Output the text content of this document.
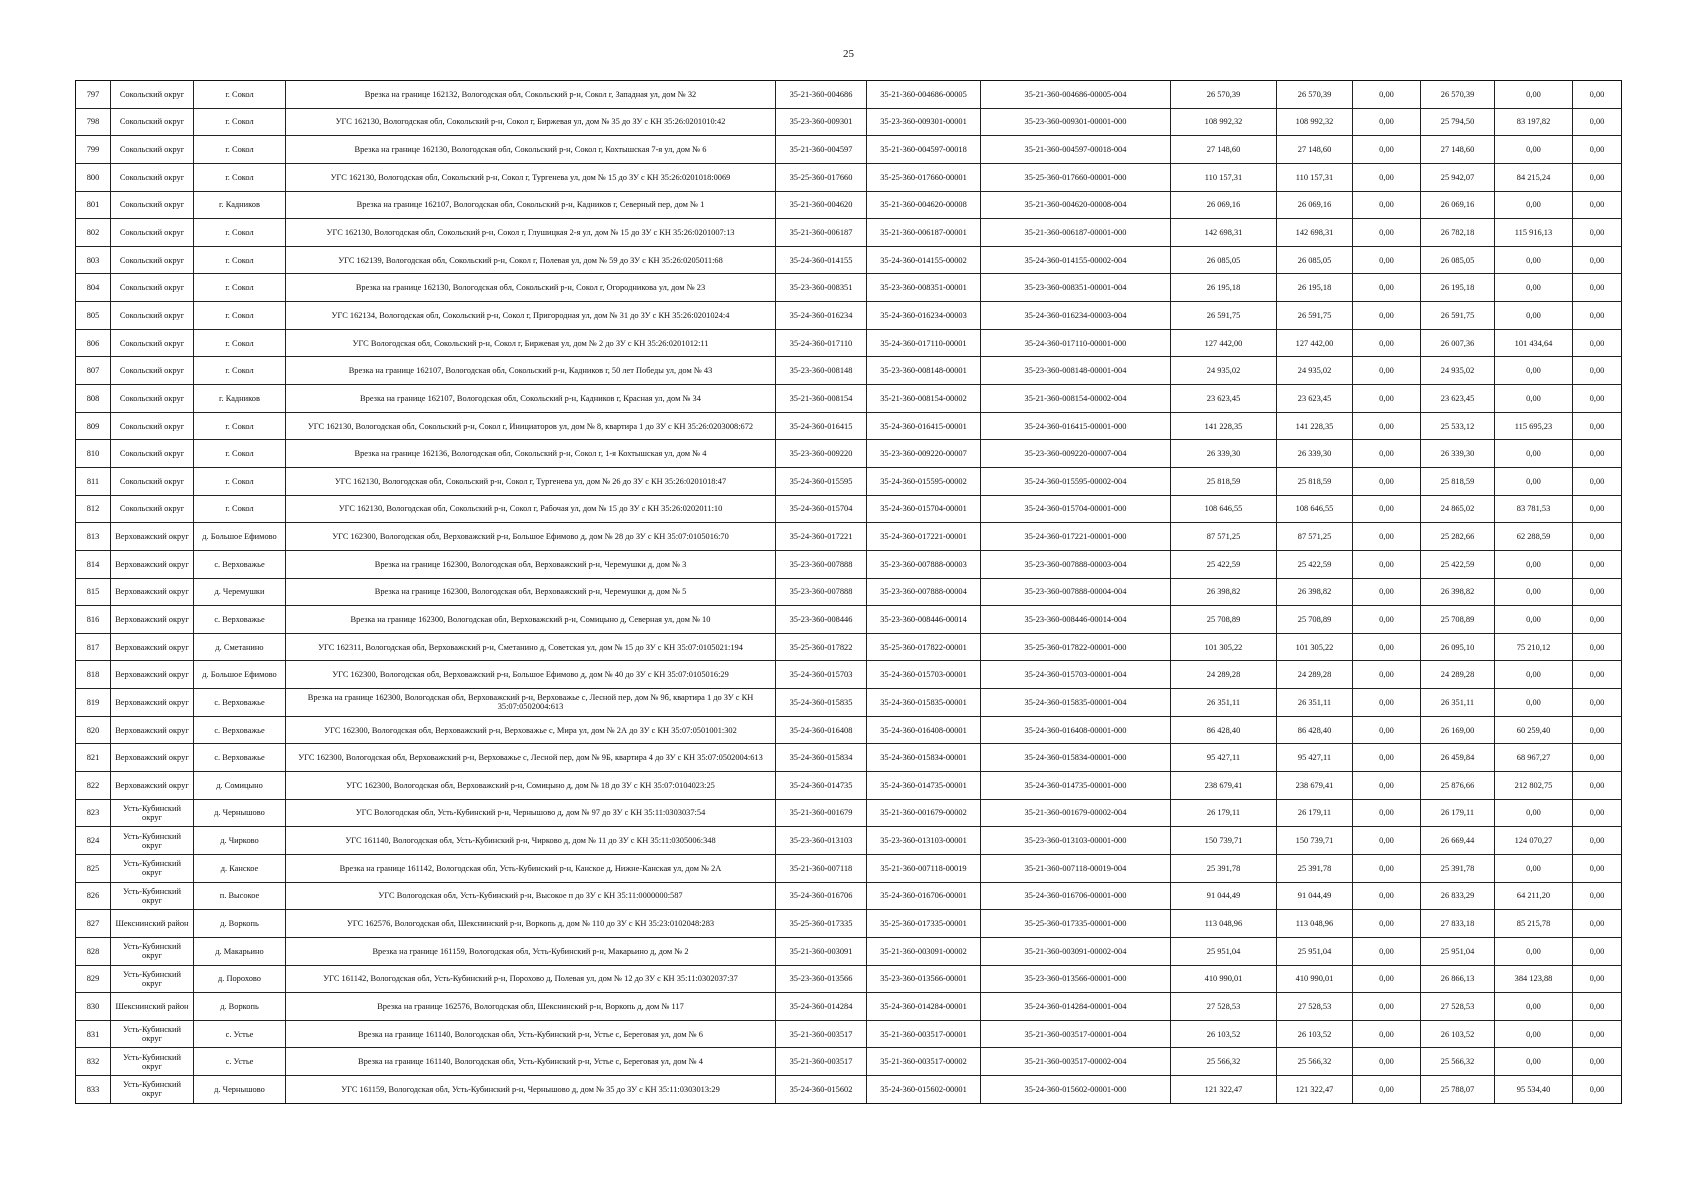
25
797	Сокольский округ	г. Сокол	Врезка на границе 162132, Вологодская обл, Сокольский р-н, Сокол г, Западная ул, дом № 32	35-21-360-004686	35-21-360-004686-00005	35-21-360-004686-00005-004	26 570,39	26 570,39	0,00	26 570,39	0,00	0,00
798	Сокольский округ	г. Сокол	УГС 162130, Вологодская обл, Сокольский р-н, Сокол г, Биржевая ул, дом № 35 до ЗУ с КН 35:26:0201010:42	35-23-360-009301	35-23-360-009301-00001	35-23-360-009301-00001-000	108 992,32	108 992,32	0,00	25 794,50	83 197,82	0,00
799	Сокольский округ	г. Сокол	Врезка на границе 162130, Вологодская обл, Сокольский р-н, Сокол г, Кохтышская 7-я ул, дом № 6	35-21-360-004597	35-21-360-004597-00018	35-21-360-004597-00018-004	27 148,60	27 148,60	0,00	27 148,60	0,00	0,00
800	Сокольский округ	г. Сокол	УГС 162130, Вологодская обл, Сокольский р-н, Сокол г, Тургенева ул, дом № 15 до ЗУ с КН 35:26:0201018:0069	35-25-360-017660	35-25-360-017660-00001	35-25-360-017660-00001-000	110 157,31	110 157,31	0,00	25 942,07	84 215,24	0,00
801	Сокольский округ	г. Кадников	Врезка на границе 162107, Вологодская обл, Сокольский р-н, Кадников г, Северный пер, дом № 1	35-21-360-004620	35-21-360-004620-00008	35-21-360-004620-00008-004	26 069,16	26 069,16	0,00	26 069,16	0,00	0,00
802	Сокольский округ	г. Сокол	УГС 162130, Вологодская обл, Сокольский р-н, Сокол г, Глушицкая 2-я ул, дом № 15 до ЗУ с КН 35:26:0201007:13	35-21-360-006187	35-21-360-006187-00001	35-21-360-006187-00001-000	142 698,31	142 698,31	0,00	26 782,18	115 916,13	0,00
803	Сокольский округ	г. Сокол	УГС 162139, Вологодская обл, Сокольский р-н, Сокол г, Полевая ул, дом № 59 до ЗУ с КН 35:26:0205011:68	35-24-360-014155	35-24-360-014155-00002	35-24-360-014155-00002-004	26 085,05	26 085,05	0,00	26 085,05	0,00	0,00
804	Сокольский округ	г. Сокол	Врезка на границе 162130, Вологодская обл, Сокольский р-н, Сокол г, Огородникова ул, дом № 23	35-23-360-008351	35-23-360-008351-00001	35-23-360-008351-00001-004	26 195,18	26 195,18	0,00	26 195,18	0,00	0,00
805	Сокольский округ	г. Сокол	УГС 162134, Вологодская обл, Сокольский р-н, Сокол г, Пригородная ул, дом № 31 до ЗУ с КН 35:26:0201024:4	35-24-360-016234	35-24-360-016234-00003	35-24-360-016234-00003-004	26 591,75	26 591,75	0,00	26 591,75	0,00	0,00
806	Сокольский округ	г. Сокол	УГС Вологодская обл, Сокольский р-н, Сокол г, Биржевая ул, дом № 2 до ЗУ с КН 35:26:0201012:11	35-24-360-017110	35-24-360-017110-00001	35-24-360-017110-00001-000	127 442,00	127 442,00	0,00	26 007,36	101 434,64	0,00
807	Сокольский округ	г. Сокол	Врезка на границе 162107, Вологодская обл, Сокольский р-н, Кадников г, 50 лет Победы ул, дом № 43	35-23-360-008148	35-23-360-008148-00001	35-23-360-008148-00001-004	24 935,02	24 935,02	0,00	24 935,02	0,00	0,00
808	Сокольский округ	г. Кадников	Врезка на границе 162107, Вологодская обл, Сокольский р-н, Кадников г, Красная ул, дом № 34	35-21-360-008154	35-21-360-008154-00002	35-21-360-008154-00002-004	23 623,45	23 623,45	0,00	23 623,45	0,00	0,00
809	Сокольский округ	г. Сокол	УГС 162130, Вологодская обл, Сокольский р-н, Сокол г, Инициаторов ул, дом № 8, квартира 1 до ЗУ с КН 35:26:0203008:672	35-24-360-016415	35-24-360-016415-00001	35-24-360-016415-00001-000	141 228,35	141 228,35	0,00	25 533,12	115 695,23	0,00
810	Сокольский округ	г. Сокол	Врезка на границе 162136, Вологодская обл, Сокольский р-н, Сокол г, 1-я Кохтышская ул, дом № 4	35-23-360-009220	35-23-360-009220-00007	35-23-360-009220-00007-004	26 339,30	26 339,30	0,00	26 339,30	0,00	0,00
811	Сокольский округ	г. Сокол	УГС 162130, Вологодская обл, Сокольский р-н, Сокол г, Тургенева ул, дом № 26 до ЗУ с КН 35:26:0201018:47	35-24-360-015595	35-24-360-015595-00002	35-24-360-015595-00002-004	25 818,59	25 818,59	0,00	25 818,59	0,00	0,00
812	Сокольский округ	г. Сокол	УГС 162130, Вологодская обл, Сокольский р-н, Сокол г, Рабочая ул, дом № 15 до ЗУ с КН 35:26:0202011:10	35-24-360-015704	35-24-360-015704-00001	35-24-360-015704-00001-000	108 646,55	108 646,55	0,00	24 865,02	83 781,53	0,00
813	Верховажский округ	д. Большое Ефимово	УГС 162300, Вологодская обл, Верховажский р-н, Большое Ефимово д, дом № 28 до ЗУ с КН 35:07:0105016:70	35-24-360-017221	35-24-360-017221-00001	35-24-360-017221-00001-000	87 571,25	87 571,25	0,00	25 282,66	62 288,59	0,00
814	Верховажский округ	с. Верховажье	Врезка на границе 162300, Вологодская обл, Верховажский р-н, Черемушки д, дом № 3	35-23-360-007888	35-23-360-007888-00003	35-23-360-007888-00003-004	25 422,59	25 422,59	0,00	25 422,59	0,00	0,00
815	Верховажский округ	д. Черемушки	Врезка на границе 162300, Вологодская обл, Верховажский р-н, Черемушки д, дом № 5	35-23-360-007888	35-23-360-007888-00004	35-23-360-007888-00004-004	26 398,82	26 398,82	0,00	26 398,82	0,00	0,00
816	Верховажский округ	с. Верховажье	Врезка на границе 162300, Вологодская обл, Верховажский р-н, Сомицыно д, Северная ул, дом № 10	35-23-360-008446	35-23-360-008446-00014	35-23-360-008446-00014-004	25 708,89	25 708,89	0,00	25 708,89	0,00	0,00
817	Верховажский округ	д. Сметанино	УГС 162311, Вологодская обл, Верховажский р-н, Сметанино д, Советская ул, дом № 15 до ЗУ с КН 35:07:0105021:194	35-25-360-017822	35-25-360-017822-00001	35-25-360-017822-00001-000	101 305,22	101 305,22	0,00	26 095,10	75 210,12	0,00
818	Верховажский округ	д. Большое Ефимово	УГС 162300, Вологодская обл, Верховажский р-н, Большое Ефимово д, дом № 40 до ЗУ с КН 35:07:0105016:29	35-24-360-015703	35-24-360-015703-00001	35-24-360-015703-00001-004	24 289,28	24 289,28	0,00	24 289,28	0,00	0,00
819	Верховажский округ	с. Верховажье	Врезка на границе 162300, Вологодская обл, Верховажский р-н, Верховажье с, Лесной пер, дом № 9б, квартира 1 до ЗУ с КН 35:07:0502004:613	35-24-360-015835	35-24-360-015835-00001	35-24-360-015835-00001-004	26 351,11	26 351,11	0,00	26 351,11	0,00	0,00
820	Верховажский округ	с. Верховажье	УГС 162300, Вологодская обл, Верховажский р-н, Верховажье с, Мира ул, дом № 2А до ЗУ с КН 35:07:0501001:302	35-24-360-016408	35-24-360-016408-00001	35-24-360-016408-00001-000	86 428,40	86 428,40	0,00	26 169,00	60 259,40	0,00
821	Верховажский округ	с. Верховажье	УГС 162300, Вологодская обл, Верховажский р-н, Верховажье с, Лесной пер, дом № 9Б, квартира 4 до ЗУ с КН 35:07:0502004:613	35-24-360-015834	35-24-360-015834-00001	35-24-360-015834-00001-000	95 427,11	95 427,11	0,00	26 459,84	68 967,27	0,00
822	Верховажский округ	д. Сомицыно	УГС 162300, Вологодская обл, Верховажский р-н, Сомицыно д, дом № 18 до ЗУ с КН 35:07:0104023:25	35-24-360-014735	35-24-360-014735-00001	35-24-360-014735-00001-000	238 679,41	238 679,41	0,00	25 876,66	212 802,75	0,00
823	Усть-Кубинский округ	д. Чернышово	УГС Вологодская обл, Усть-Кубинский р-н, Чернышово д, дом № 97 до ЗУ с КН 35:11:0303037:54	35-21-360-001679	35-21-360-001679-00002	35-21-360-001679-00002-004	26 179,11	26 179,11	0,00	26 179,11	0,00	0,00
824	Усть-Кубинский округ	д. Чирково	УГС 161140, Вологодская обл, Усть-Кубинский р-н, Чирково д, дом № 11 до ЗУ с КН 35:11:0305006:348	35-23-360-013103	35-23-360-013103-00001	35-23-360-013103-00001-000	150 739,71	150 739,71	0,00	26 669,44	124 070,27	0,00
825	Усть-Кубинский округ	д. Канское	Врезка на границе 161142, Вологодская обл, Усть-Кубинский р-н, Канское д, Нижне-Канская ул, дом № 2А	35-21-360-007118	35-21-360-007118-00019	35-21-360-007118-00019-004	25 391,78	25 391,78	0,00	25 391,78	0,00	0,00
826	Усть-Кубинский округ	п. Высокое	УГС Вологодская обл, Усть-Кубинский р-н, Высокое п до ЗУ с КН 35:11:0000000:587	35-24-360-016706	35-24-360-016706-00001	35-24-360-016706-00001-000	91 044,49	91 044,49	0,00	26 833,29	64 211,20	0,00
827	Шекснинский район	д. Воркопь	УГС 162576, Вологодская обл, Шекснинский р-н, Воркопь д, дом № 110 до ЗУ с КН 35:23:0102048:283	35-25-360-017335	35-25-360-017335-00001	35-25-360-017335-00001-000	113 048,96	113 048,96	0,00	27 833,18	85 215,78	0,00
828	Усть-Кубинский округ	д. Макарьино	Врезка на границе 161159, Вологодская обл, Усть-Кубинский р-н, Макарьино д, дом № 2	35-21-360-003091	35-21-360-003091-00002	35-21-360-003091-00002-004	25 951,04	25 951,04	0,00	25 951,04	0,00	0,00
829	Усть-Кубинский округ	д. Порохово	УГС 161142, Вологодская обл, Усть-Кубинский р-н, Порохово д, Полевая ул, дом № 12 до ЗУ с КН 35:11:0302037:37	35-23-360-013566	35-23-360-013566-00001	35-23-360-013566-00001-000	410 990,01	410 990,01	0,00	26 866,13	384 123,88	0,00
830	Шекснинский район	д. Воркопь	Врезка на границе 162576, Вологодская обл, Шекснинский р-н, Воркопь д, дом № 117	35-24-360-014284	35-24-360-014284-00001	35-24-360-014284-00001-004	27 528,53	27 528,53	0,00	27 528,53	0,00	0,00
831	Усть-Кубинский округ	с. Устье	Врезка на границе 161140, Вологодская обл, Усть-Кубинский р-н, Устье с, Береговая ул, дом № 6	35-21-360-003517	35-21-360-003517-00001	35-21-360-003517-00001-004	26 103,52	26 103,52	0,00	26 103,52	0,00	0,00
832	Усть-Кубинский округ	с. Устье	Врезка на границе 161140, Вологодская обл, Усть-Кубинский р-н, Устье с, Береговая ул, дом № 4	35-21-360-003517	35-21-360-003517-00002	35-21-360-003517-00002-004	25 566,32	25 566,32	0,00	25 566,32	0,00	0,00
833	Усть-Кубинский округ	д. Чернышово	УГС 161159, Вологодская обл, Усть-Кубинский р-н, Чернышово д, дом № 35 до ЗУ с КН 35:11:0303013:29	35-24-360-015602	35-24-360-015602-00001	35-24-360-015602-00001-000	121 322,47	121 322,47	0,00	25 788,07	95 534,40	0,00
